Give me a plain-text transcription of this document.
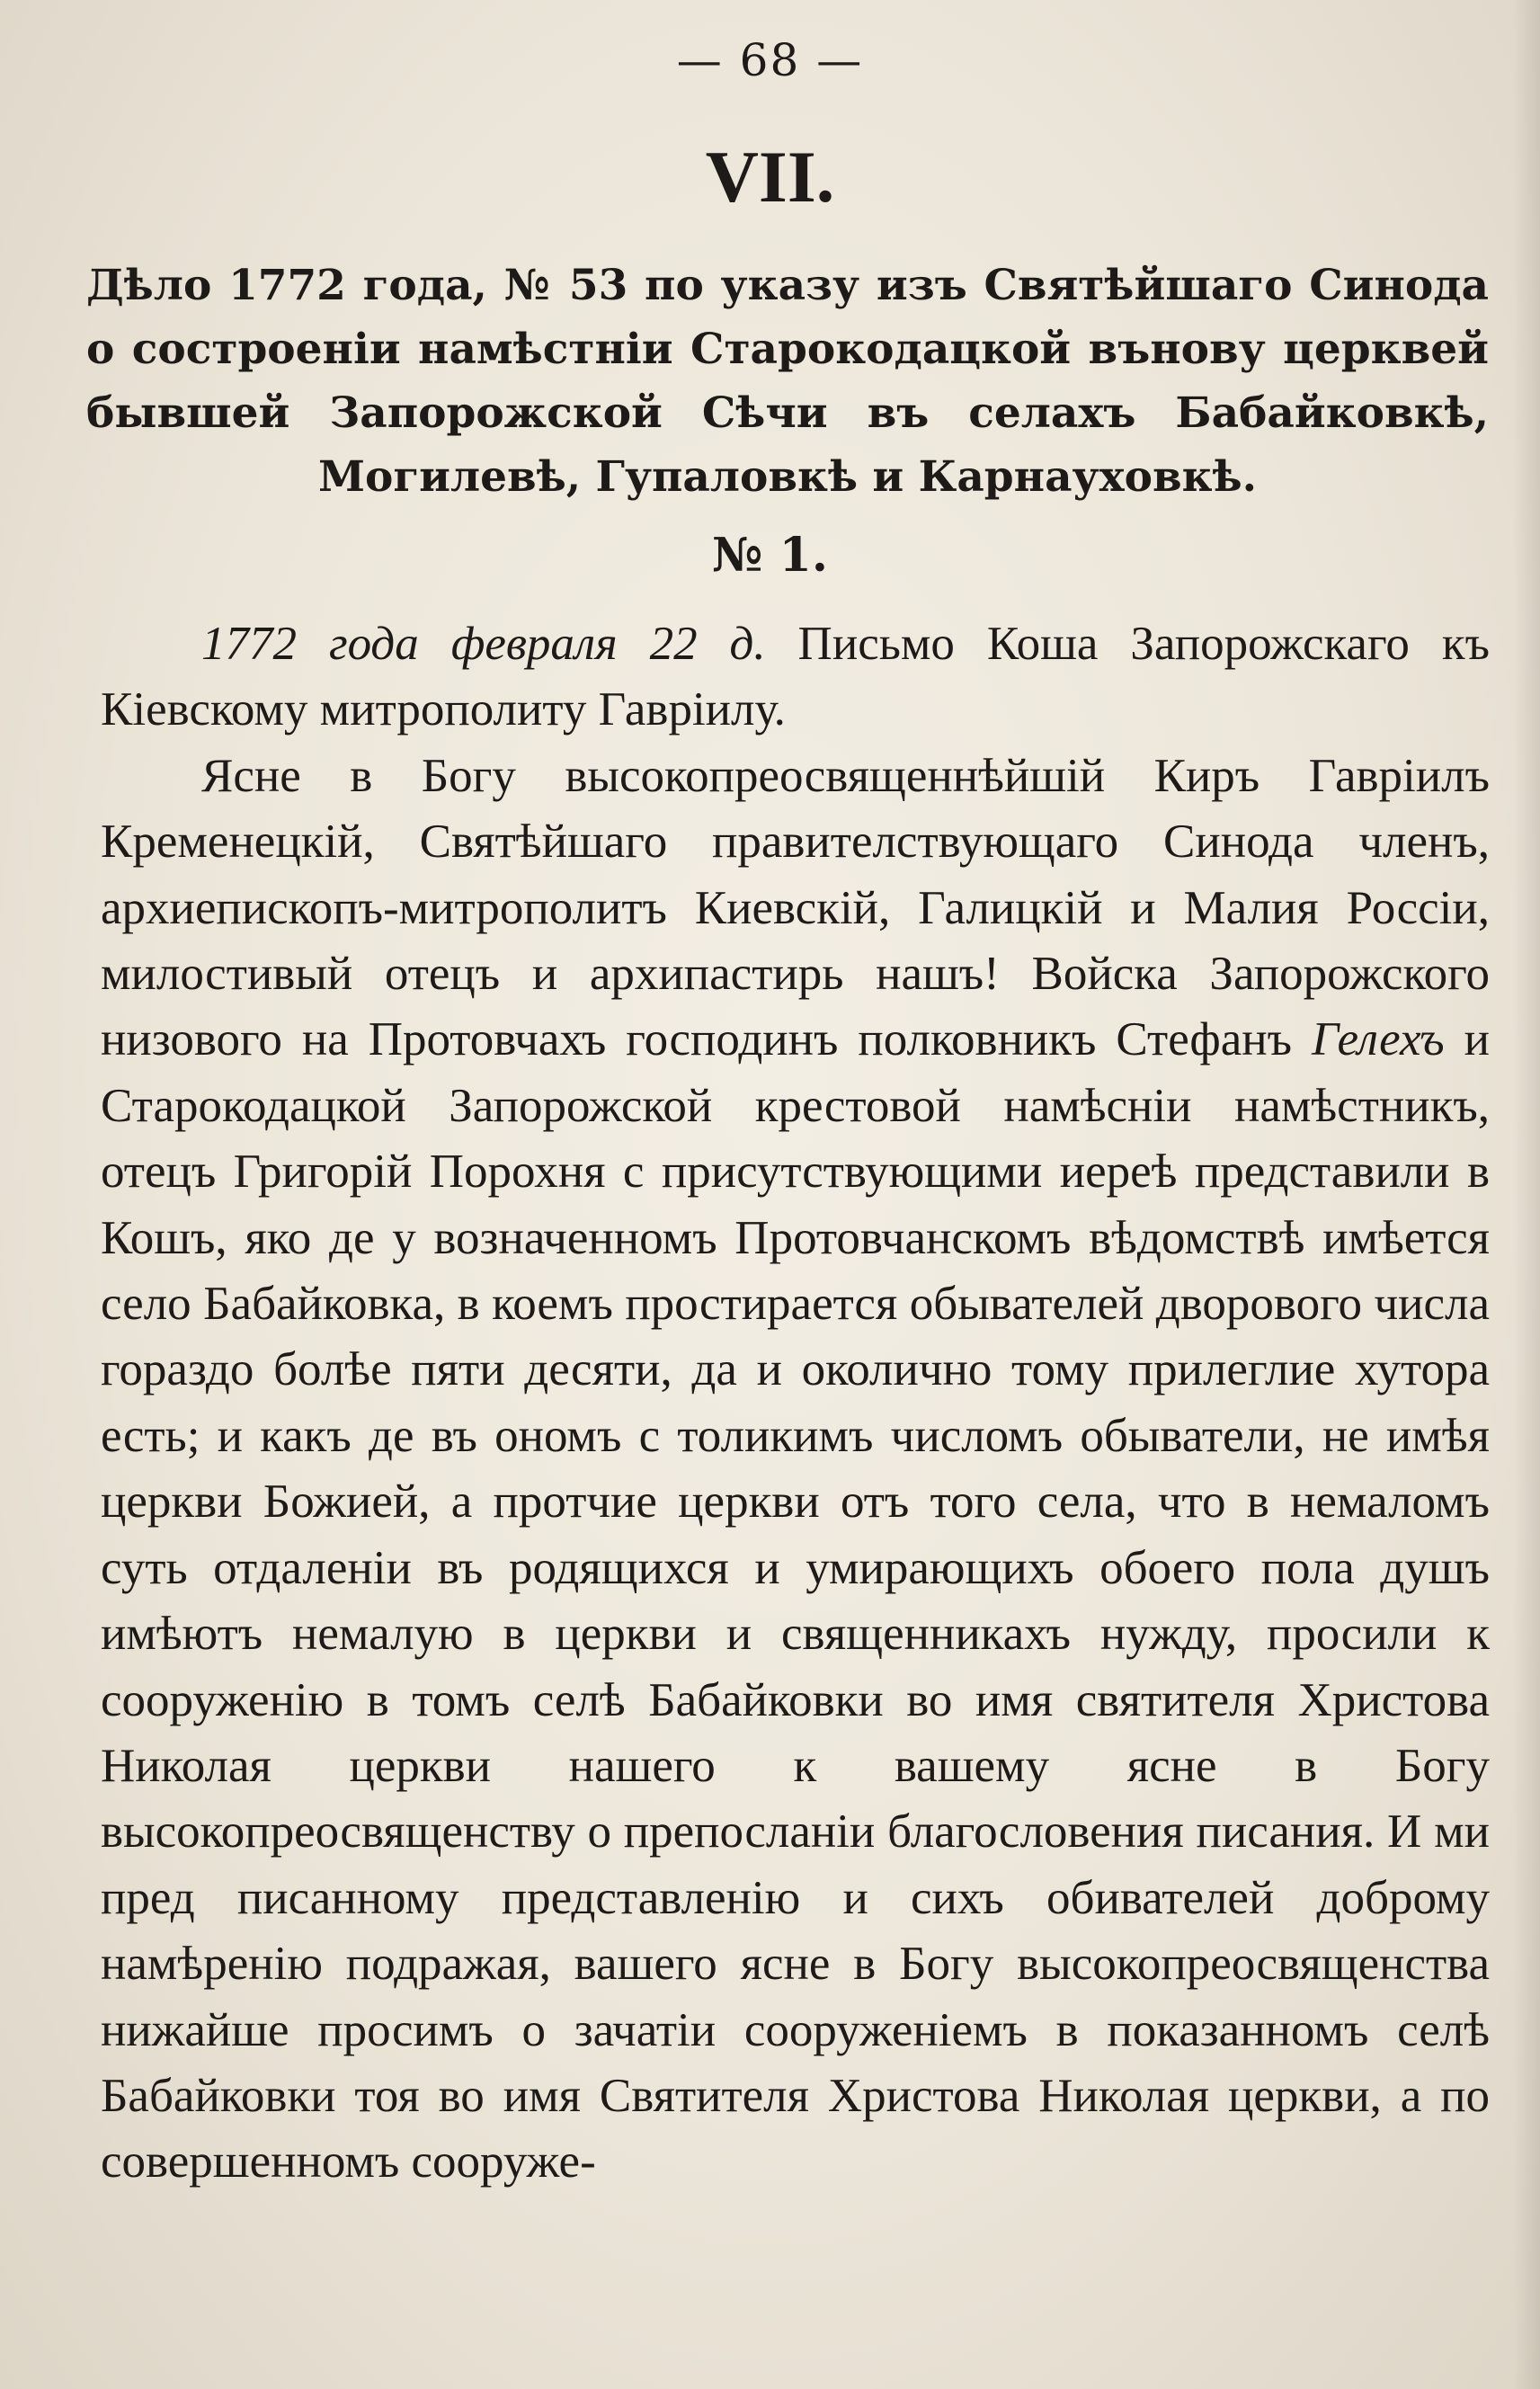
— 68 —
VII.
Дѣло 1772 года, № 53 по указу изъ Святѣйшаго Синода о состроеніи намѣстніи Старокодацкой вънову церквей бывшей Запорожской Сѣчи въ селахъ Бабайковкѣ, Могилевѣ, Гупаловкѣ и Карнауховкѣ.
№ 1.

1772 года февраля 22 д. Письмо Коша Запорожскаго къ Кіевскому митрополиту Гавріилу.

Ясне в Богу высокопреосвященнѣйшій Киръ Гавріилъ Кременецкій, Святѣйшаго правителствующаго Синода членъ, архиепископъ-митрополитъ Киевскій, Галицкій и Малия Россіи, милостивый отецъ и архипастирь нашъ! Войска Запорожского низового на Протовчахъ господинъ полковникъ Стефанъ Гелехъ и Старокодацкой Запорожской крестовой намѣсніи намѣстникъ, отецъ Григорій Порохня с присутствующими иереѣ представили в Кошъ, яко де у возначенномъ Протовчанскомъ вѣдомствѣ имѣется село Бабайковка, в коемъ простирается обывателей дворового числа гораздо болѣе пяти десяти, да и околично тому прилеглие хутора есть; и какъ де въ ономъ с толикимъ числомъ обыватели, не имѣя церкви Божией, а протчие церкви отъ того села, что в немаломъ суть отдаленіи въ родящихся и умирающихъ обоего пола душъ имѣютъ немалую в церкви и священникахъ нужду, просили к сооруженію в томъ селѣ Бабайковки во имя святителя Христова Николая церкви нашего к вашему ясне в Богу высокопреосвященству о препосланіи благословения писания. И ми пред писанному представленію и сихъ обивателей доброму намѣренію подражая, вашего ясне в Богу высокопреосвященства нижайше просимъ о зачатіи сооруженіемъ в показанномъ селѣ Бабайковки тоя во имя Святителя Христова Николая церкви, а по совершенномъ сооруже-
